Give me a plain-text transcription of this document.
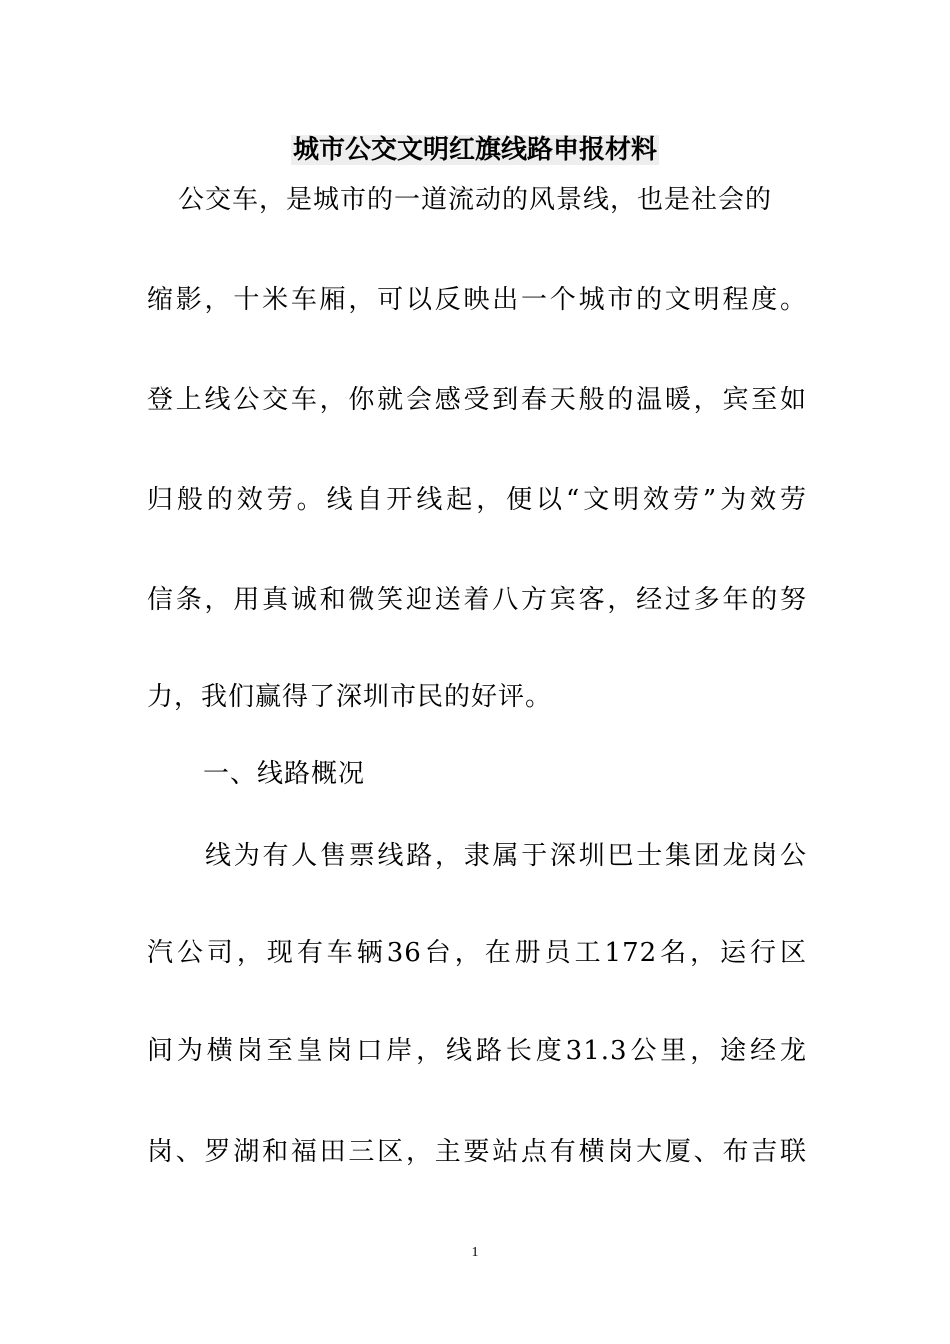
城市公交文明红旗线路申报材料
公交车，是城市的一道流动的风景线，也是社会的
缩影，十米车厢，可以反映出一个城市的文明程度。
登上线公交车，你就会感受到春天般的温暖，宾至如
归般的效劳。线自开线起，便以“文明效劳”为效劳
信条，用真诚和微笑迎送着八方宾客，经过多年的努
力，我们赢得了深圳市民的好评。
一、线路概况
线为有人售票线路，隶属于深圳巴士集团龙岗公
汽公司，现有车辆36台，在册员工172名，运行区
间为横岗至皇岗口岸，线路长度31.3公里，途经龙
岗、罗湖和福田三区，主要站点有横岗大厦、布吉联
1
